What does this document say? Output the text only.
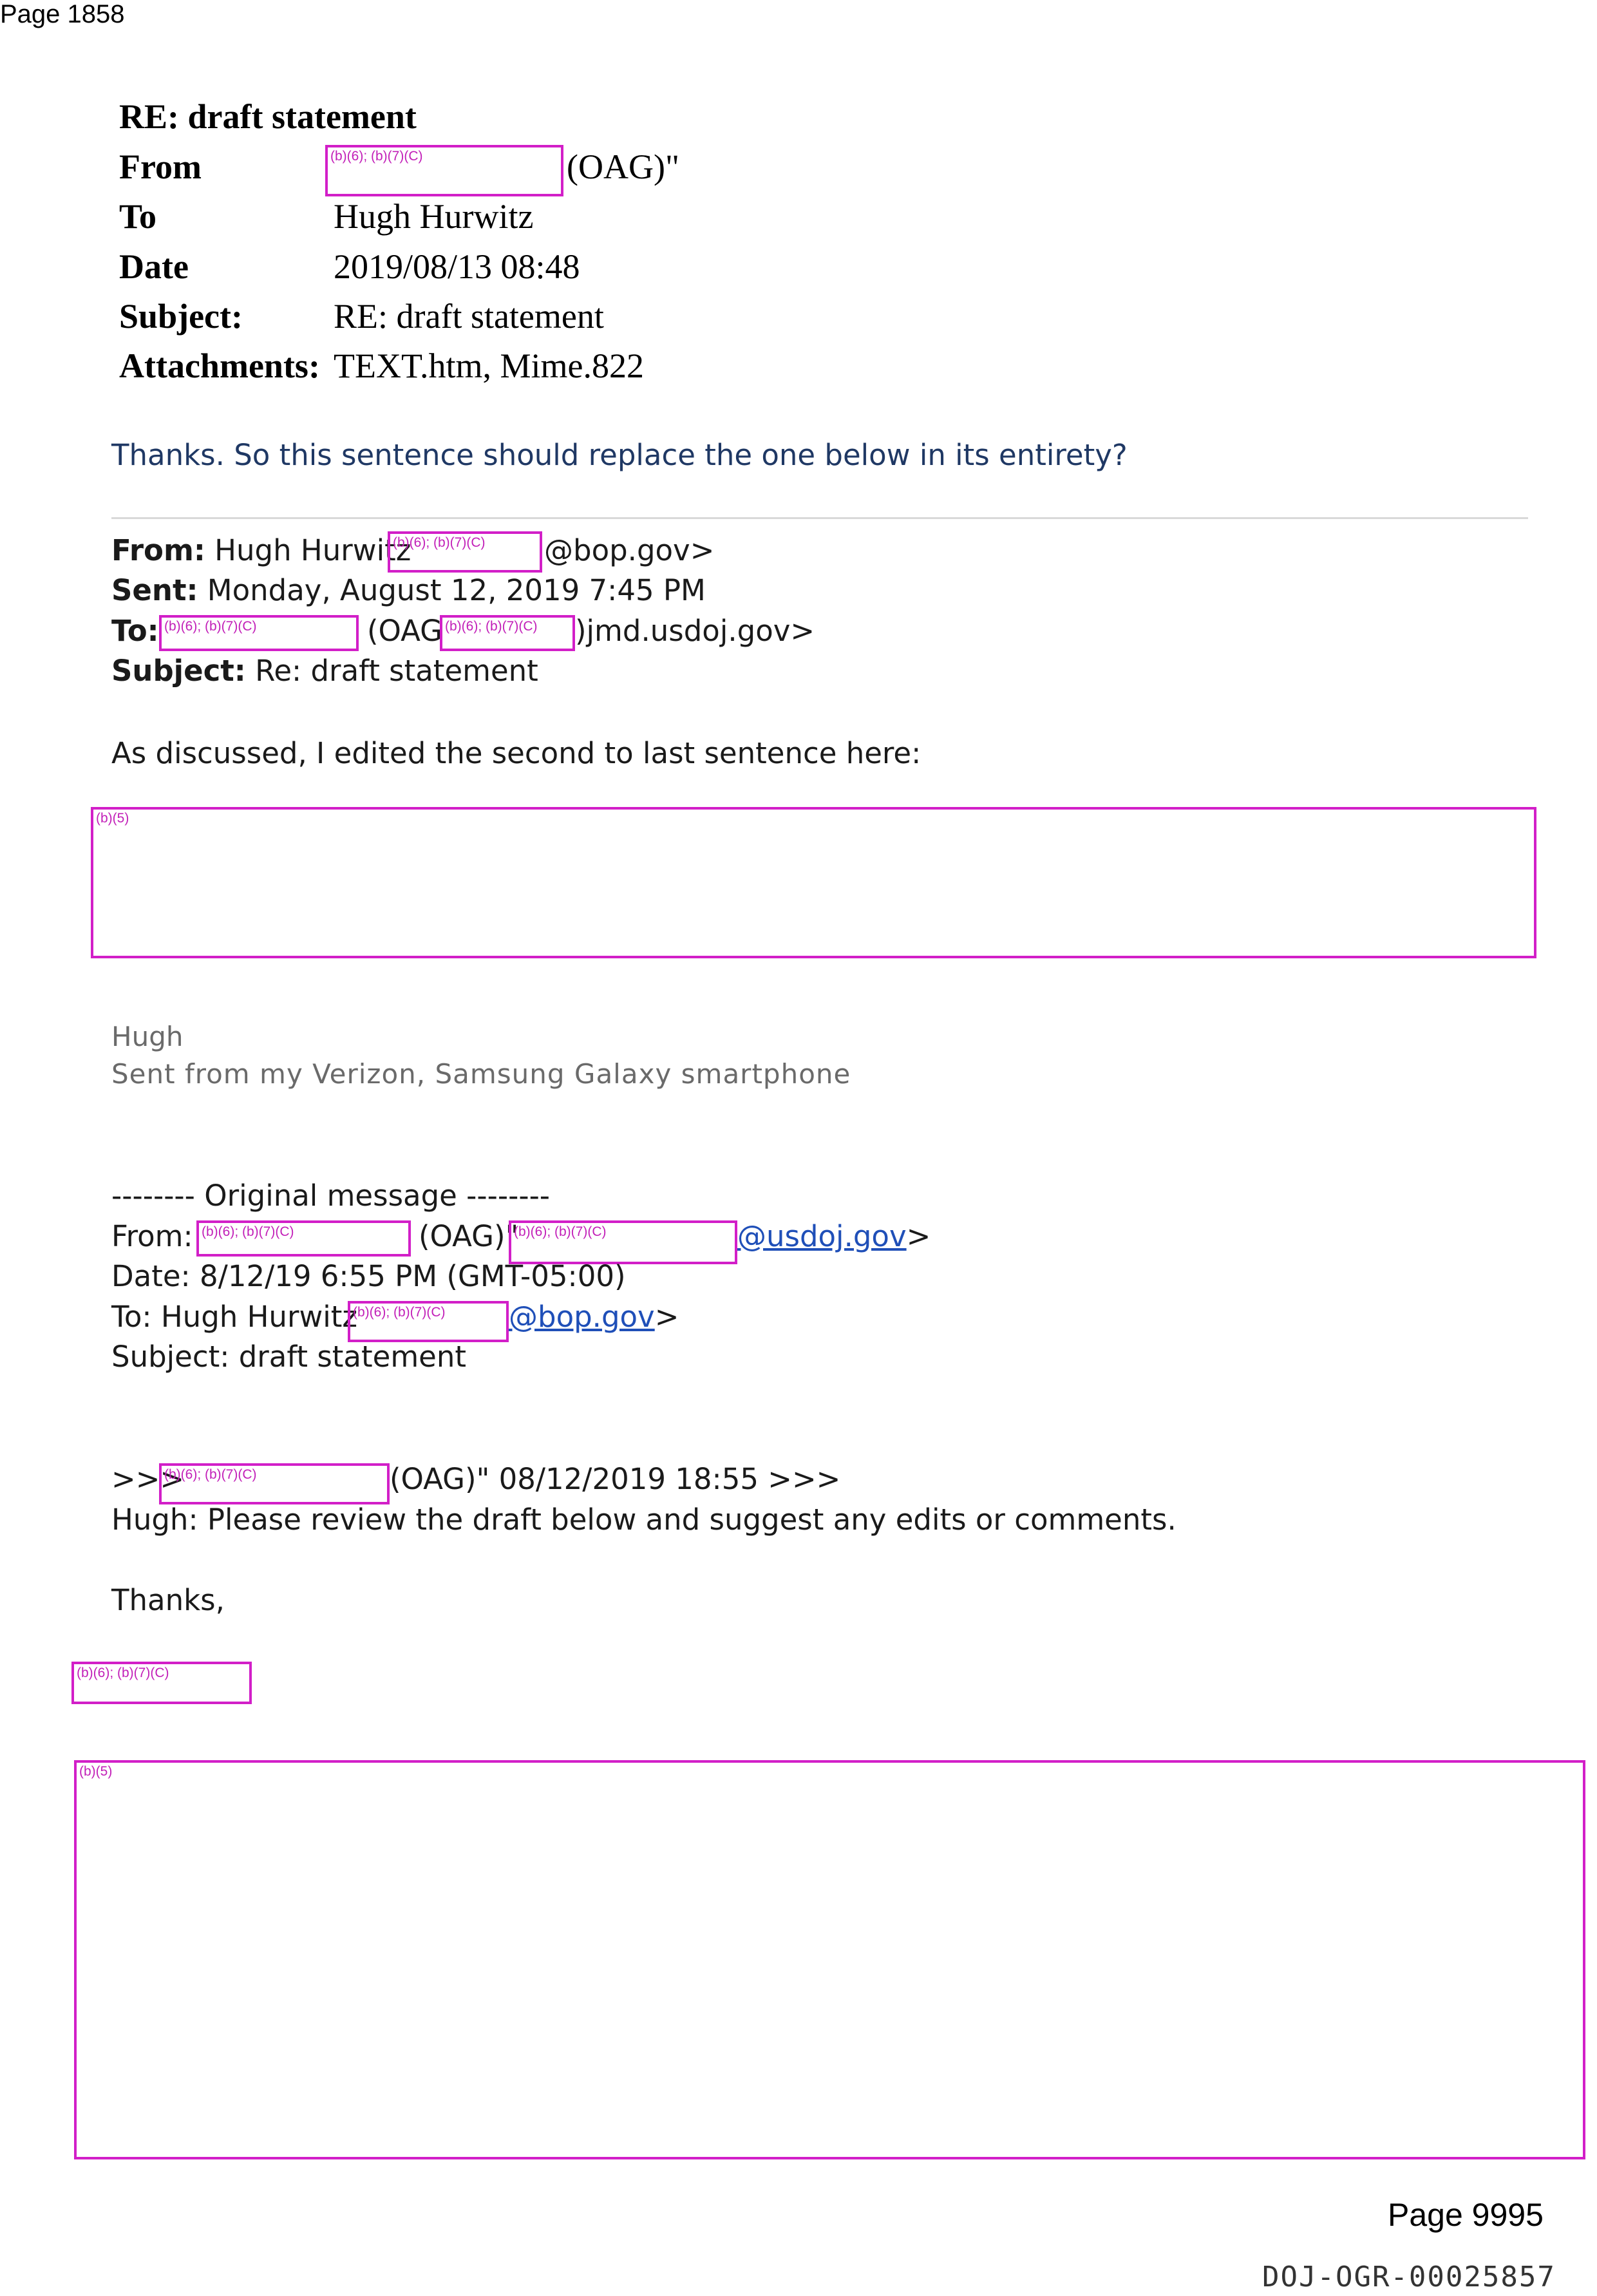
Page 1858
RE: draft statement
From	(b)(6); (b)(7)(C)	(OAG)"
To	Hugh Hurwitz
Date	2019/08/13 08:48
Subject:	RE: draft statement
Attachments: TEXT.htm, Mime.822
Thanks. So this sentence should replace the one below in its entirety?
From: Hugh Hurwitz
(b)(6); (b)(7)(C) @bop.gov>
Sent: Monday, August 12, 2019 7:45 PM
To: (b)(6); (b)(7)(C)	(OAG (b)(6); (b)(7)(C) )jmd.usdoj.gov>
Subject: Re: draft statement
As discussed, I edited the second to last sentence here:
(b)(5)
Hugh
Sent from my Verizon, Samsung Galaxy smartphone
-------- Original message --------
From: (b)(6); (b)(7)(C)	(OAG)"
(b)(6); (b)(7)(C)	@usdoj.gov>
Date: 8/12/19 6:55 PM (GMT-05:00)
To: Hugh Hurwitz
(b)(6); (b)(7)(C) @bop.gov>
Subject: draft statement
>>>
(b)(6); (b)(7)(C)	(OAG)" 08/12/2019 18:55 >>>
Hugh: Please review the draft below and suggest any edits or comments.
Thanks,
(b)(6); (b)(7)(C)
(b)(5)
Page 9995
DOJ-OGR-00025857
